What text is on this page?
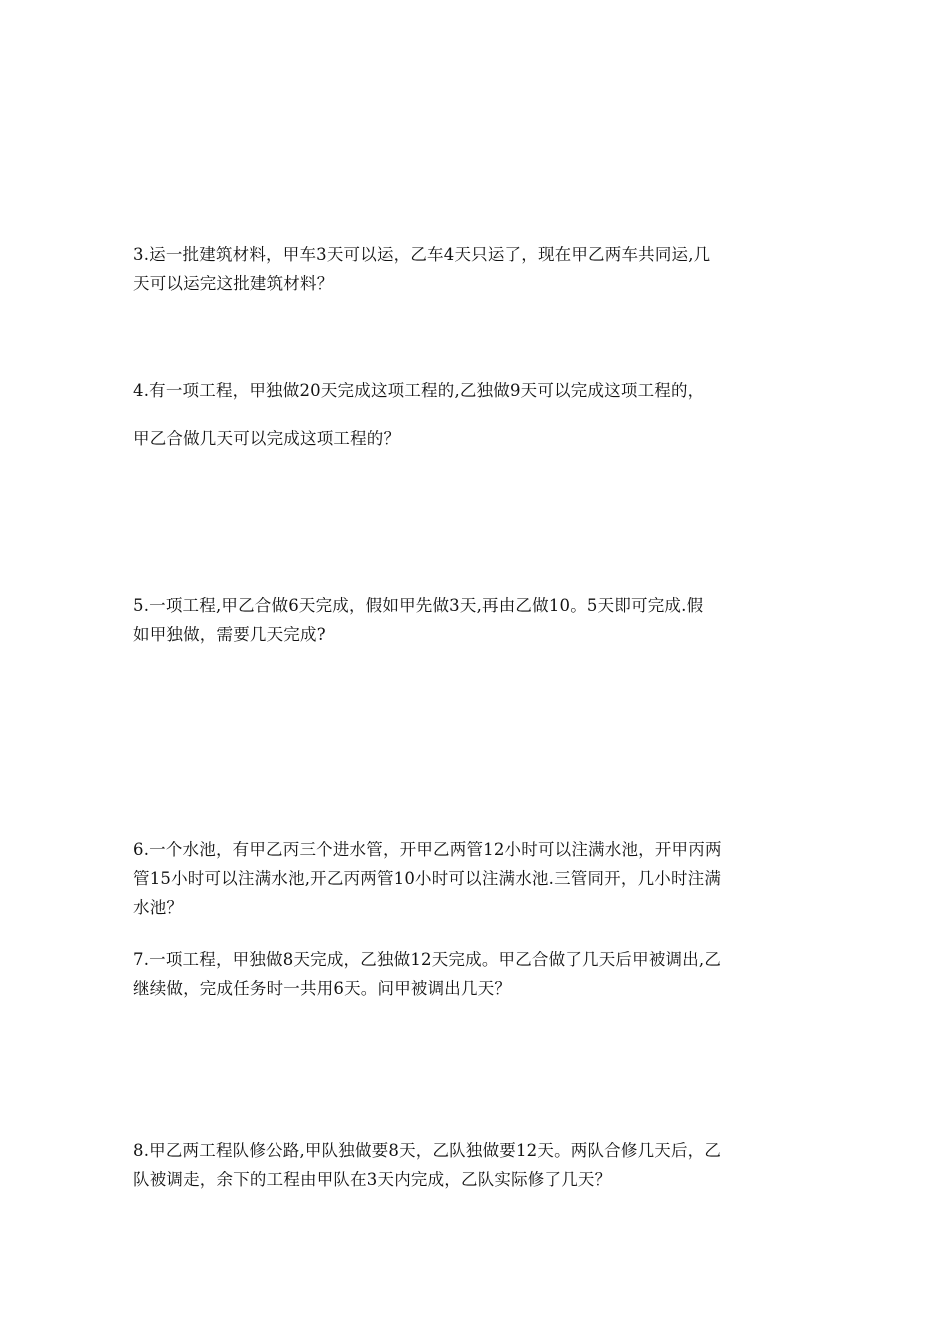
3.运一批建筑材料，甲车3天可以运，乙车4天只运了，现在甲乙两车共同运,几
天可以运完这批建筑材料？
4.有一项工程，甲独做20天完成这项工程的,乙独做9天可以完成这项工程的，
甲乙合做几天可以完成这项工程的？
5.一项工程,甲乙合做6天完成，假如甲先做3天,再由乙做10。5天即可完成.假
如甲独做，需要几天完成?
6.一个水池，有甲乙丙三个进水管，开甲乙两管12小时可以注满水池，开甲丙两
管15小时可以注满水池,开乙丙两管10小时可以注满水池.三管同开，几小时注满
水池？
7.一项工程，甲独做8天完成，乙独做12天完成。甲乙合做了几天后甲被调出,乙
继续做，完成任务时一共用6天。问甲被调出几天？
8.甲乙两工程队修公路,甲队独做要8天，乙队独做要12天。两队合修几天后，乙
队被调走，余下的工程由甲队在3天内完成，乙队实际修了几天？
